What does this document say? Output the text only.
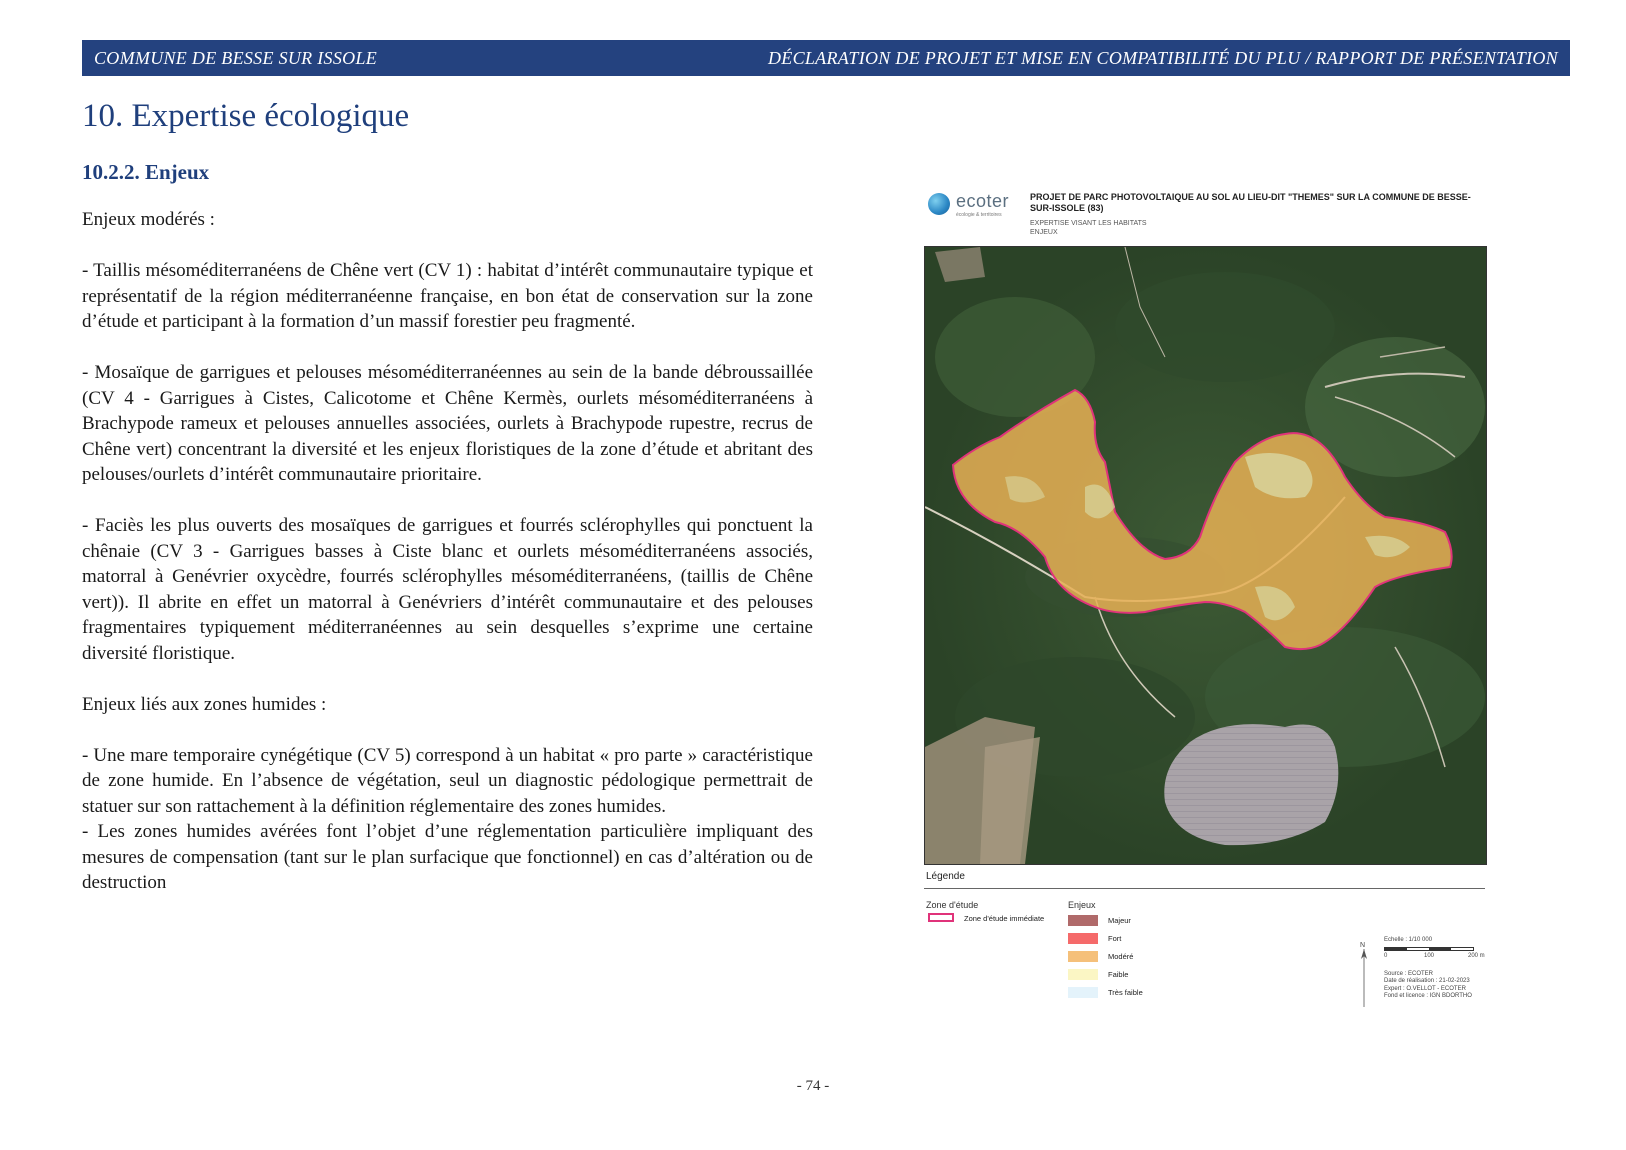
COMMUNE DE BESSE SUR ISSOLE	DÉCLARATION DE PROJET ET MISE EN COMPATIBILITÉ DU PLU / RAPPORT DE PRÉSENTATION
10. Expertise écologique
10.2.2. Enjeux

Enjeux modérés :

- Taillis mésoméditerranéens de Chêne vert (CV 1) : habitat d’intérêt communautaire typique et représentatif de la région méditerranéenne française, en bon état de conservation sur la zone d’étude et participant à la formation d’un massif forestier peu fragmenté.

- Mosaïque de garrigues et pelouses mésoméditerranéennes au sein de la bande débroussaillée (CV 4 - Garrigues à Cistes, Calicotome et Chêne Kermès, ourlets mésoméditerranéens à Brachypode rameux et pelouses annuelles associées, ourlets à Brachypode rupestre, recrus de Chêne vert) concentrant la diversité et les enjeux floristiques de la zone d’étude et abritant des pelouses/ourlets d’intérêt communautaire prioritaire.

- Faciès les plus ouverts des mosaïques de garrigues et fourrés sclérophylles qui ponctuent la chênaie (CV 3 - Garrigues basses à Ciste blanc et ourlets mésoméditerranéens associés, matorral à Genévrier oxycèdre, fourrés sclérophylles mésoméditerranéens, (taillis de Chêne vert)). Il abrite en effet un matorral à Genévriers d’intérêt communautaire et des pelouses fragmentaires typiquement méditerranéennes au sein desquelles s’exprime une certaine diversité floristique.

Enjeux liés aux zones humides :

- Une mare temporaire cynégétique (CV 5) correspond à un habitat « pro parte » caractéristique de zone humide. En l’absence de végétation, seul un diagnostic pédologique permettrait de statuer sur son rattachement à la définition réglementaire des zones humides.

- Les zones humides avérées font l’objet d’une réglementation particulière impliquant des mesures de compensation (tant sur le plan surfacique que fonctionnel) en cas d’altération ou de destruction

ecoter
écologie & territoires
PROJET DE PARC PHOTOVOLTAIQUE AU SOL AU LIEU-DIT "THEMES" SUR LA COMMUNE DE BESSE-SUR-ISSOLE (83)
EXPERTISE VISANT LES HABITATS
ENJEUX
Légende
Zone d'étude
Zone d'étude immédiate
Enjeux
Majeur
Fort
Modéré
Faible
Très faible
N
Echelle : 1/10 000
0	100	200 m
Source : ECOTER
Date de réalisation : 21-02-2023
Expert : O.VELLOT - ECOTER
Fond et licence : IGN BDORTHO
- 74 -
